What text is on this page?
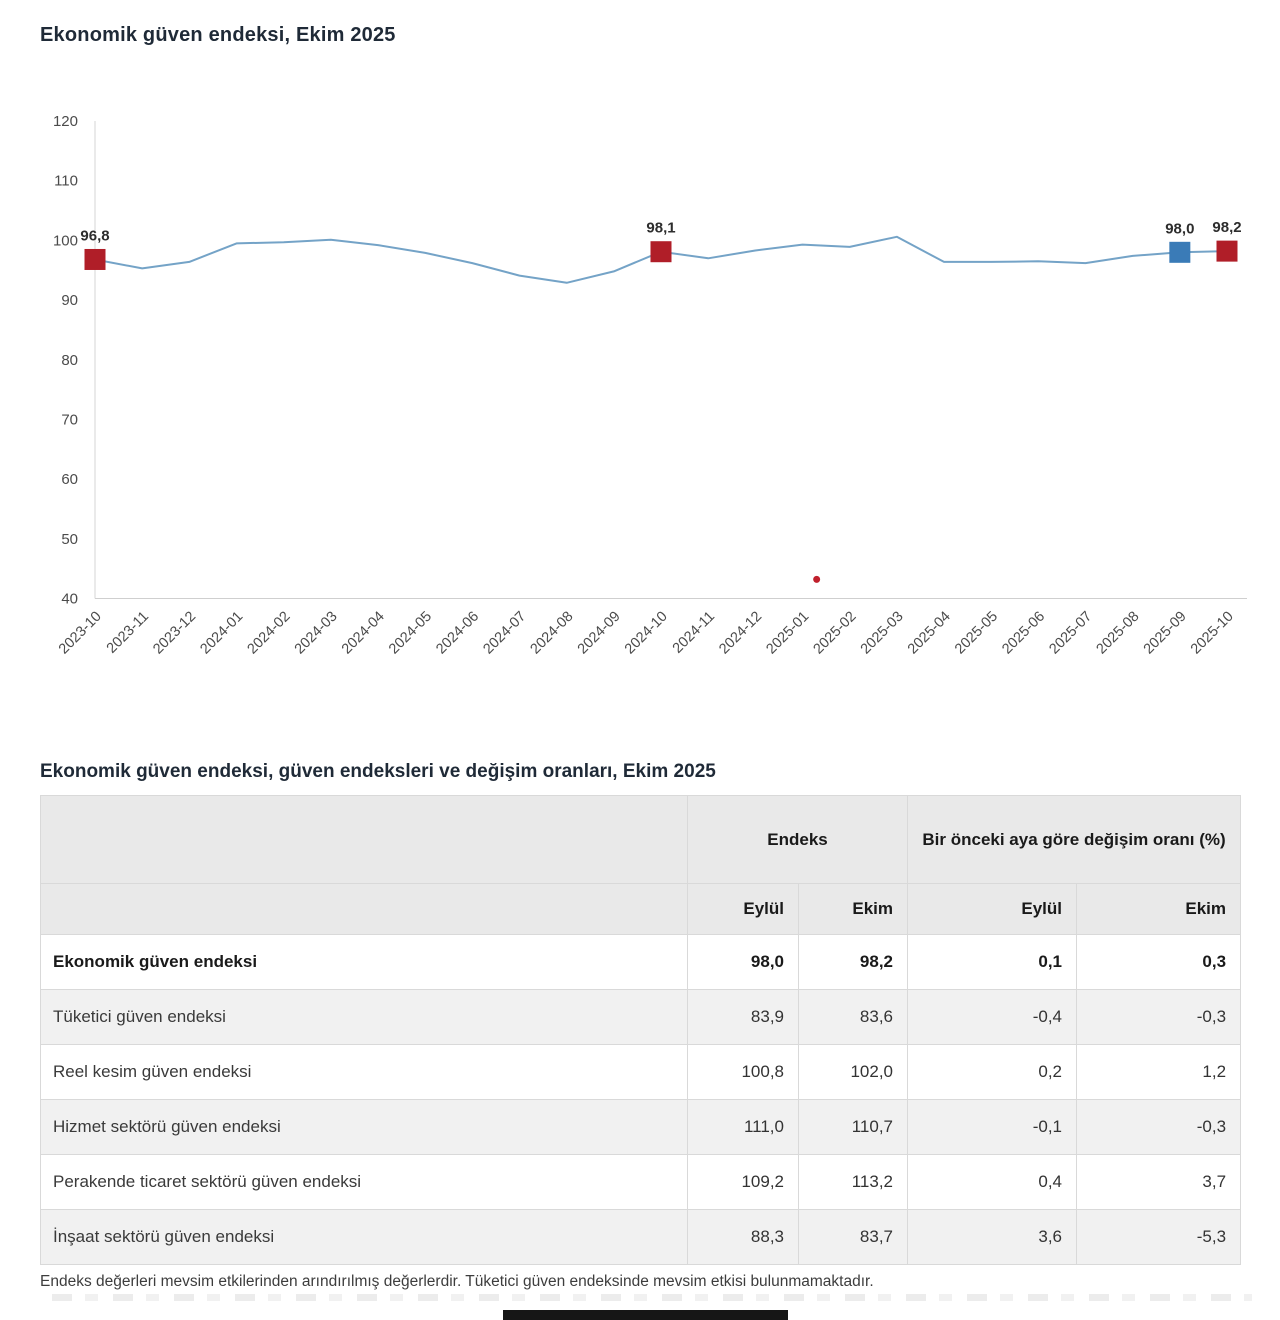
Ekonomik güven endeksi, Ekim 2025
40
50
60
70
80
90
100
110
120
2023-10
2023-11
2023-12
2024-01
2024-02
2024-03
2024-04
2024-05
2024-06
2024-07
2024-08
2024-09
2024-10
2024-11
2024-12
2025-01
2025-02
2025-03
2025-04
2025-05
2025-06
2025-07
2025-08
2025-09
2025-10
96,8	98,1	98,0 98,2
Ekonomik güven endeksi, güven endeksleri ve değişim oranları, Ekim 2025
	Endeks		Bir önceki aya göre değişim oranı (%)	
	Eylül	Ekim	Eylül	Ekim
Ekonomik güven endeksi	98,0	98,2	0,1	0,3
Tüketici güven endeksi	83,9	83,6	-0,4	-0,3
Reel kesim güven endeksi	100,8	102,0	0,2	1,2
Hizmet sektörü güven endeksi	111,0	110,7	-0,1	-0,3
Perakende ticaret sektörü güven endeksi	109,2	113,2	0,4	3,7
İnşaat sektörü güven endeksi	88,3	83,7	3,6	-5,3
Endeks değerleri mevsim etkilerinden arındırılmış değerlerdir. Tüketici güven endeksinde mevsim etkisi bulunmamaktadır.
